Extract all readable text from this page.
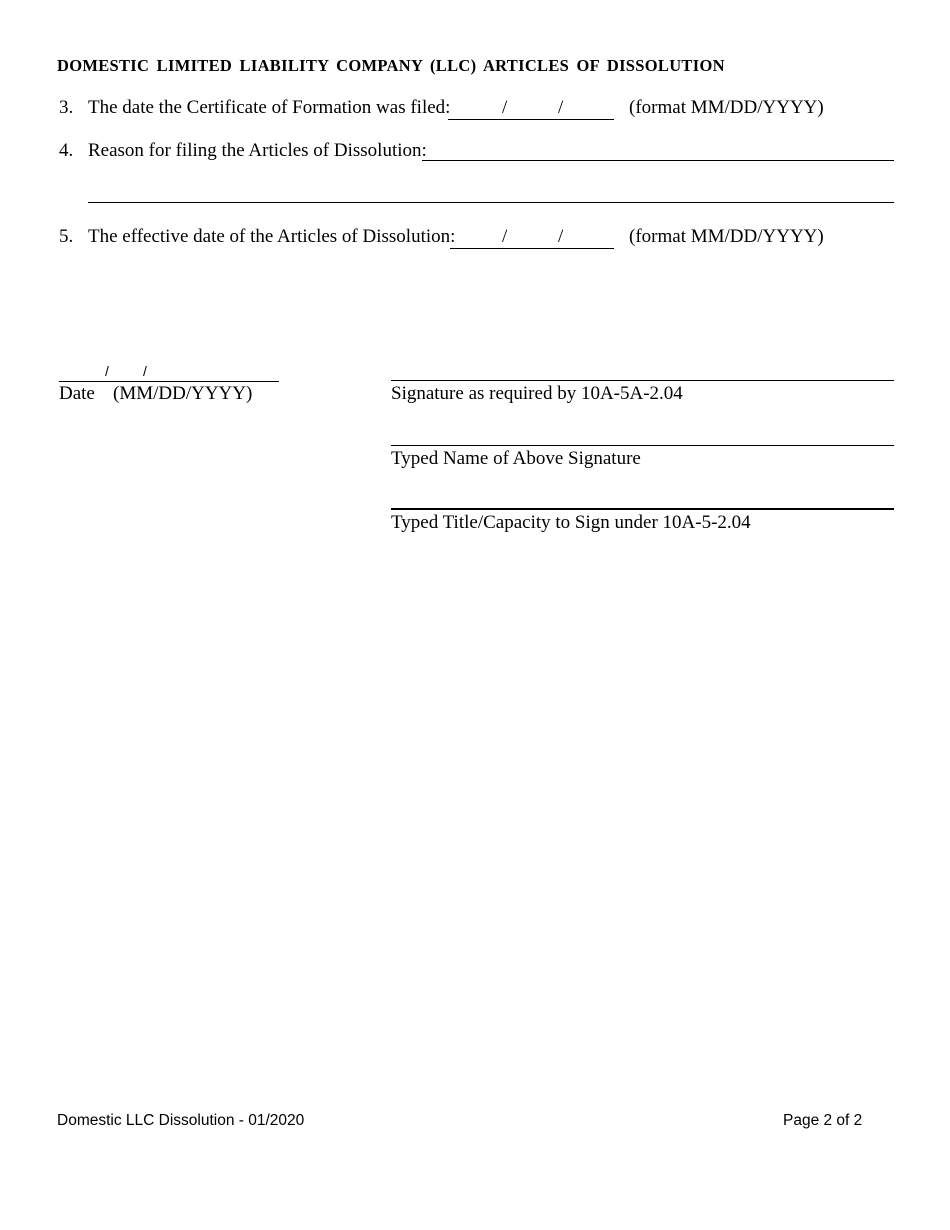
DOMESTIC LIMITED LIABILITY COMPANY (LLC) ARTICLES OF DISSOLUTION
3. The date the Certificate of Formation was filed:	/	/	(format MM/DD/YYYY)
4. Reason for filing the Articles of Dissolution:
5. The effective date of the Articles of Dissolution: /	/	(format MM/DD/YYYY)
/ /
Date (MM/DD/YYYY)	Signature as required by 10A-5A-2.04
Typed Name of Above Signature
Typed Title/Capacity to Sign under 10A-5-2.04
Domestic LLC Dissolution - 01/2020	Page 2 of 2
